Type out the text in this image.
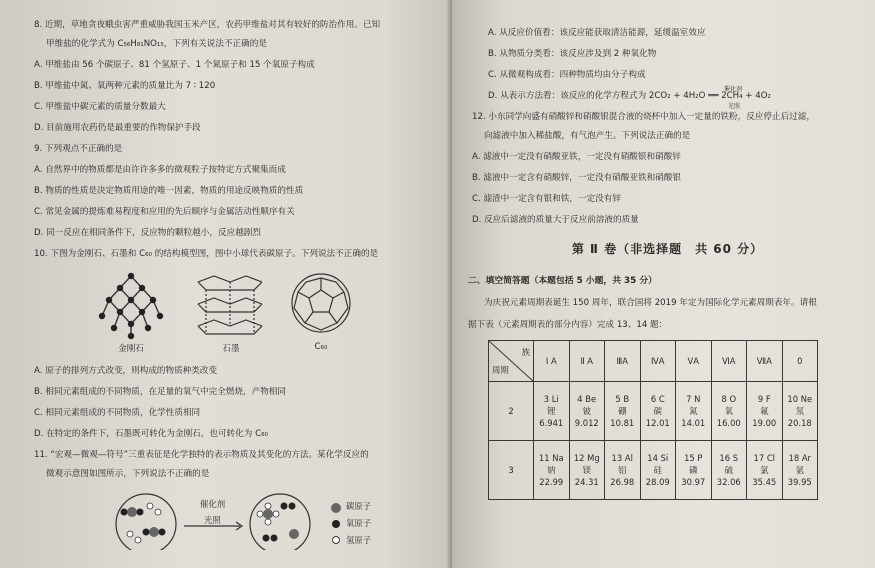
8. 近期，草地贪夜蛾虫害严重威胁我国玉米产区，农药甲维盐对其有较好的防治作用。已知
甲维盐的化学式为 C₅₆H₈₁NO₁₅，下列有关说法不正确的是
A. 甲维盐由 56 个碳原子、81 个氢原子、1 个氮原子和 15 个氧原子构成
B. 甲维盐中氮、氧两种元素的质量比为 7 ∶ 120
C. 甲维盐中碳元素的质量分数最大
D. 目前施用农药仍是最重要的作物保护手段
9. 下列观点不正确的是
A. 自然界中的物质都是由许许多多的微观粒子按特定方式聚集而成
B. 物质的性质是决定物质用途的唯一因素，物质的用途反映物质的性质
C. 常见金属的提炼难易程度和应用的先后顺序与金属活动性顺序有关
D. 同一反应在相同条件下，反应物的颗粒越小，反应越剧烈
10. 下图为金刚石、石墨和 C₆₀ 的结构模型图，图中小球代表碳原子。下列说法不正确的是
金刚石	石墨	C₆₀
A. 原子的排列方式改变，则构成的物质种类改变
B. 相同元素组成的不同物质，在足量的氧气中完全燃烧，产物相同
C. 相同元素组成的不同物质，化学性质相同
D. 在特定的条件下，石墨既可转化为金刚石，也可转化为 C₆₀
11. “宏观—微观—符号”三重表征是化学独特的表示物质及其变化的方法。某化学反应的
微观示意图如图所示，下列说法不正确的是
催化剂
光照
碳原子
氧原子
氢原子
A. 从反应价值看：该反应能获取清洁能源，延缓温室效应
B. 从物质分类看：该反应涉及到 2 种氧化物
C. 从微观构成看：四种物质均由分子构成
D. 从表示方法看：该反应的化学方程式为 2CO₂ + 4H₂O ══ 2CH₄ + 4O₂
催化剂
光照
12. 小东同学向盛有硝酸锌和硝酸银混合液的烧杯中加入一定量的铁粉，反应停止后过滤，
向滤液中加入稀盐酸，有气泡产生。下列说法正确的是
A. 滤液中一定没有硝酸亚铁，一定没有硝酸银和硝酸锌
B. 滤液中一定含有硝酸锌，一定没有硝酸亚铁和硝酸银
C. 滤渣中一定含有银和铁，一定没有锌
D. 反应后滤液的质量大于反应前溶液的质量
第 Ⅱ 卷（非选择题　共 60 分）
二、填空简答题（本题包括 5 小题，共 35 分）
为庆祝元素周期表诞生 150 周年，联合国将 2019 年定为国际化学元素周期表年。请根
据下表（元素周期表的部分内容）完成 13、14 题：
族
周期	Ⅰ A	Ⅱ A	ⅢA	ⅣA	ⅤA	ⅥA	ⅦA	0
2	3 Li
锂
6.941	4 Be
铍
9.012	5 B
硼
10.81	6 C
碳
12.01	7 N
氮
14.01	8 O
氧
16.00	9 F
氟
19.00	10 Ne
氖
20.18

3	11 Na
钠
22.99	12 Mg
镁
24.31	13 Al
铝
26.98	14 Si
硅
28.09	15 P
磷
30.97	16 S
硫
32.06	17 Cl
氯
35.45	18 Ar
氩
39.95
